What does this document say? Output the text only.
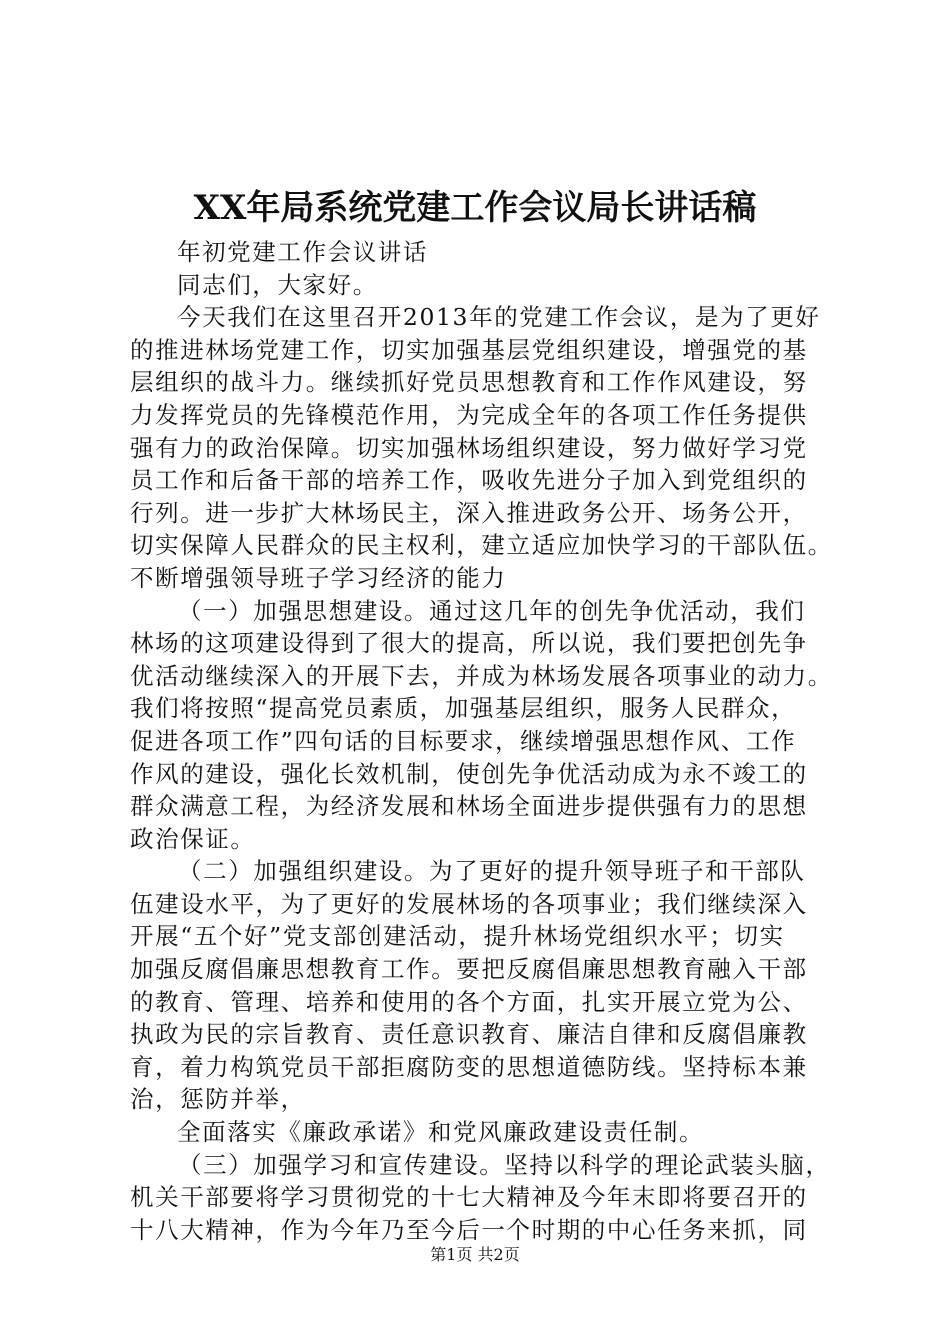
XX年局系统党建工作会议局长讲话稿
年初党建工作会议讲话
同志们，大家好。
今天我们在这里召开2013年的党建工作会议，是为了更好
的推进林场党建工作，切实加强基层党组织建设，增强党的基
层组织的战斗力。继续抓好党员思想教育和工作作风建设，努
力发挥党员的先锋模范作用，为完成全年的各项工作任务提供
强有力的政治保障。切实加强林场组织建设，努力做好学习党
员工作和后备干部的培养工作，吸收先进分子加入到党组织的
行列。进一步扩大林场民主，深入推进政务公开、场务公开，
切实保障人民群众的民主权利，建立适应加快学习的干部队伍。
不断增强领导班子学习经济的能力
（一）加强思想建设。通过这几年的创先争优活动，我们
林场的这项建设得到了很大的提高，所以说，我们要把创先争
优活动继续深入的开展下去，并成为林场发展各项事业的动力。
我们将按照“提高党员素质，加强基层组织，服务人民群众，
促进各项工作”四句话的目标要求，继续增强思想作风、工作
作风的建设，强化长效机制，使创先争优活动成为永不竣工的
群众满意工程，为经济发展和林场全面进步提供强有力的思想
政治保证。
（二）加强组织建设。为了更好的提升领导班子和干部队
伍建设水平，为了更好的发展林场的各项事业；我们继续深入
开展“五个好”党支部创建活动，提升林场党组织水平；切实
加强反腐倡廉思想教育工作。要把反腐倡廉思想教育融入干部
的教育、管理、培养和使用的各个方面，扎实开展立党为公、
执政为民的宗旨教育、责任意识教育、廉洁自律和反腐倡廉教
育，着力构筑党员干部拒腐防变的思想道德防线。坚持标本兼
治，惩防并举，
全面落实《廉政承诺》和党风廉政建设责任制。
（三）加强学习和宣传建设。坚持以科学的理论武装头脑，
机关干部要将学习贯彻党的十七大精神及今年末即将要召开的
十八大精神，作为今年乃至今后一个时期的中心任务来抓，同
第1页 共2页
